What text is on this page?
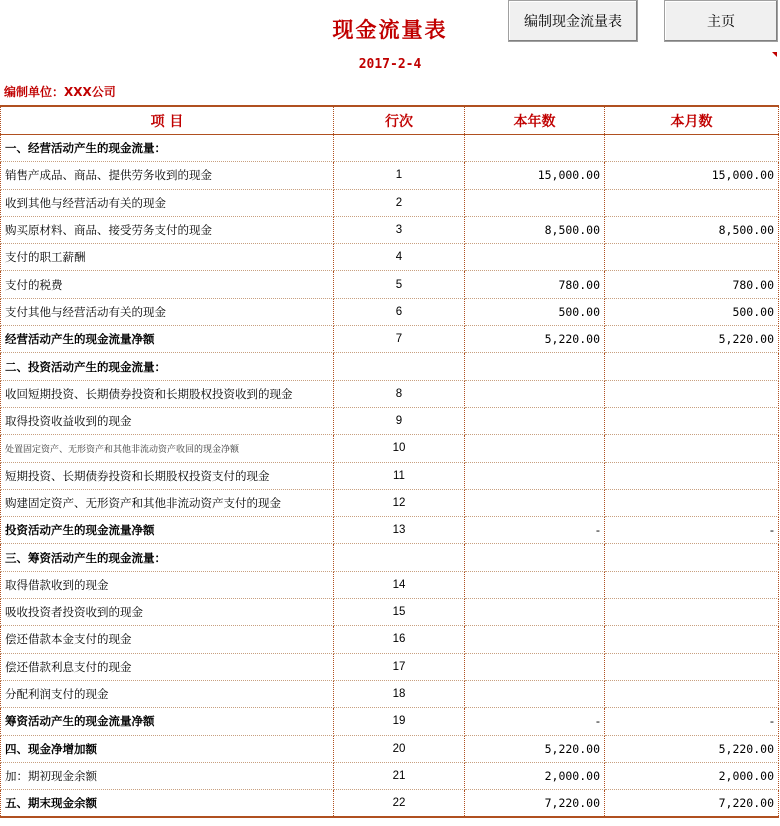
现金流量表
2017-2-4
编制现金流量表	主页
编制单位：XXX公司
项 目	行次	本年数	本月数
一、经营活动产生的现金流量：			
销售产成品、商品、提供劳务收到的现金	1	15,000.00	15,000.00
收到其他与经营活动有关的现金	2		
购买原材料、商品、接受劳务支付的现金	3	8,500.00	8,500.00
支付的职工薪酬	4		
支付的税费	5	780.00	780.00
支付其他与经营活动有关的现金	6	500.00	500.00
经营活动产生的现金流量净额	7	5,220.00	5,220.00
二、投资活动产生的现金流量：			
收回短期投资、长期债券投资和长期股权投资收到的现金	8		
取得投资收益收到的现金	9		
处置固定资产、无形资产和其他非流动资产收回的现金净额	10		
短期投资、长期债券投资和长期股权投资支付的现金	11		
购建固定资产、无形资产和其他非流动资产支付的现金	12		
投资活动产生的现金流量净额	13	-	-
三、筹资活动产生的现金流量：			
取得借款收到的现金	14		
吸收投资者投资收到的现金	15		
偿还借款本金支付的现金	16		
偿还借款利息支付的现金	17		
分配利润支付的现金	18		
筹资活动产生的现金流量净额	19	-	-
四、现金净增加额	20	5,220.00	5,220.00
加：期初现金余额	21	2,000.00	2,000.00
五、期末现金余额	22	7,220.00	7,220.00
